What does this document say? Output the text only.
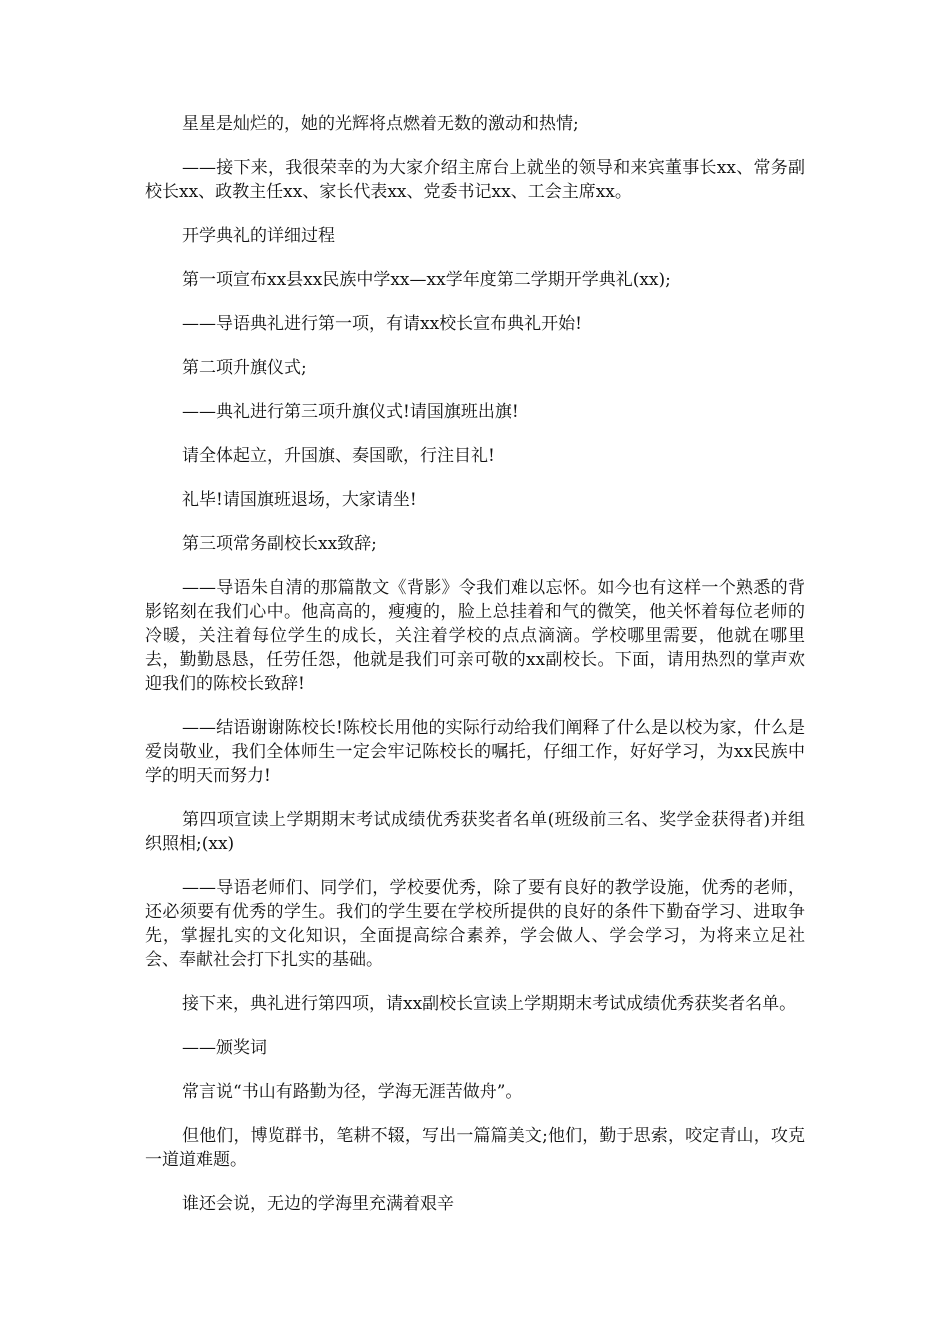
星星是灿烂的，她的光辉将点燃着无数的激动和热情;

——接下来，我很荣幸的为大家介绍主席台上就坐的领导和来宾董事长xx、常务副校长xx、政教主任xx、家长代表xx、党委书记xx、工会主席xx。

开学典礼的详细过程

第一项宣布xx县xx民族中学xx—xx学年度第二学期开学典礼(xx);

——导语典礼进行第一项，有请xx校长宣布典礼开始!

第二项升旗仪式;

——典礼进行第三项升旗仪式!请国旗班出旗!

请全体起立，升国旗、奏国歌，行注目礼!

礼毕!请国旗班退场，大家请坐!

第三项常务副校长xx致辞;

——导语朱自清的那篇散文《背影》令我们难以忘怀。如今也有这样一个熟悉的背影铭刻在我们心中。他高高的，瘦瘦的，脸上总挂着和气的微笑，他关怀着每位老师的冷暖，关注着每位学生的成长，关注着学校的点点滴滴。学校哪里需要，他就在哪里去，勤勤恳恳，任劳任怨，他就是我们可亲可敬的xx副校长。下面，请用热烈的掌声欢迎我们的陈校长致辞!

——结语谢谢陈校长!陈校长用他的实际行动给我们阐释了什么是以校为家，什么是爱岗敬业，我们全体师生一定会牢记陈校长的嘱托，仔细工作，好好学习，为xx民族中学的明天而努力!

第四项宣读上学期期末考试成绩优秀获奖者名单(班级前三名、奖学金获得者)并组织照相;(xx)

——导语老师们、同学们，学校要优秀，除了要有良好的教学设施，优秀的老师，还必须要有优秀的学生。我们的学生要在学校所提供的良好的条件下勤奋学习、进取争先，掌握扎实的文化知识，全面提高综合素养，学会做人、学会学习，为将来立足社会、奉献社会打下扎实的基础。

接下来，典礼进行第四项，请xx副校长宣读上学期期末考试成绩优秀获奖者名单。

——颁奖词

常言说“书山有路勤为径，学海无涯苦做舟”。

但他们，博览群书，笔耕不辍，写出一篇篇美文;他们，勤于思索，咬定青山，攻克一道道难题。

谁还会说，无边的学海里充满着艰辛
